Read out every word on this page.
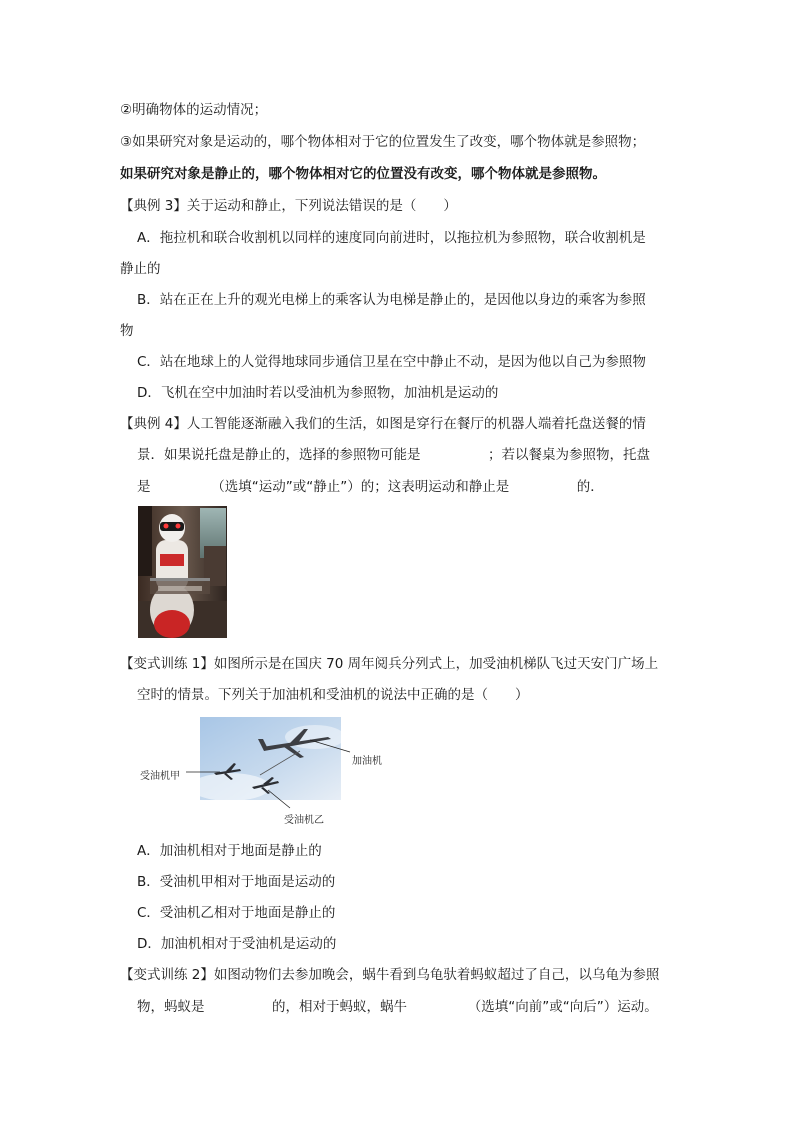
②明确物体的运动情况；
③如果研究对象是运动的，哪个物体相对于它的位置发生了改变，哪个物体就是参照物；
如果研究对象是静止的，哪个物体相对它的位置没有改变，哪个物体就是参照物。
【典例 3】关于运动和静止，下列说法错误的是（　　）
A．拖拉机和联合收割机以同样的速度同向前进时，以拖拉机为参照物，联合收割机是
静止的
B．站在正在上升的观光电梯上的乘客认为电梯是静止的，是因他以身边的乘客为参照
物
C．站在地球上的人觉得地球同步通信卫星在空中静止不动，是因为他以自己为参照物
D．飞机在空中加油时若以受油机为参照物，加油机是运动的
【典例 4】人工智能逐渐融入我们的生活，如图是穿行在餐厅的机器人端着托盘送餐的情
景．如果说托盘是静止的，选择的参照物可能是　　　　　；若以餐桌为参照物，托盘
是　　　　　（选填“运动”或“静止”）的；这表明运动和静止是　　　　　的．
【变式训练 1】如图所示是在国庆 70 周年阅兵分列式上，加受油机梯队飞过天安门广场上
空时的情景。下列关于加油机和受油机的说法中正确的是（　　）
加油机
受油机甲
受油机乙
A．加油机相对于地面是静止的
B．受油机甲相对于地面是运动的
C．受油机乙相对于地面是静止的
D．加油机相对于受油机是运动的
【变式训练 2】如图动物们去参加晚会，蜗牛看到乌龟驮着蚂蚁超过了自己，以乌龟为参照
物，蚂蚁是　　　　　的，相对于蚂蚁，蜗牛　　　　　（选填“向前”或“向后”）运动。
